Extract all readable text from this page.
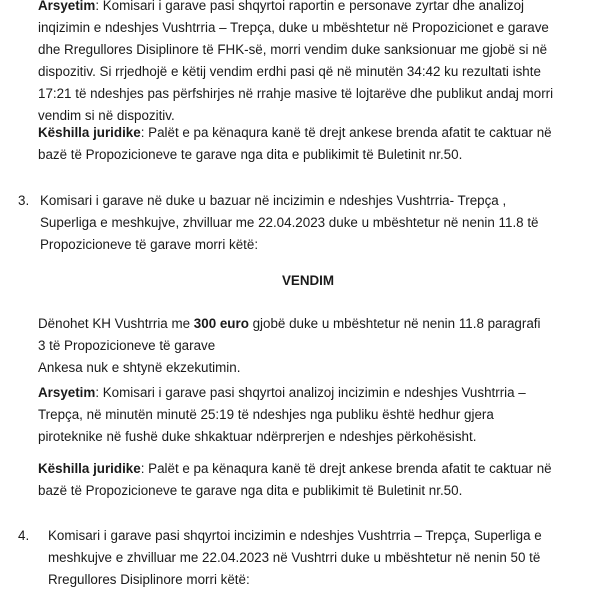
Arsyetim: Komisari i garave pasi shqyrtoi raportin e personave zyrtar dhe analizoj
inqizimin e ndeshjes Vushtrria – Trepça, duke u mbështetur në Propozicionet e garave
dhe Rregullores Disiplinore të FHK-së, morri vendim duke sanksionuar me gjobë si në
dispozitiv. Si rrjedhojë e këtij vendim erdhi pasi që në minutën 34:42 ku rezultati ishte
17:21 të ndeshjes pas përfshirjes në rrahje masive të lojtarëve dhe publikut andaj morri
vendim si në dispozitiv.

Këshilla juridike: Palët e pa kënaqura kanë të drejt ankese brenda afatit te caktuar në
bazë të Propozicioneve te garave nga dita e publikimit të Buletinit nr.50.

3. Komisari i garave në duke u bazuar në incizimin e ndeshjes Vushtrria- Trepça ,
Superliga e meshkujve, zhvilluar me 22.04.2023 duke u mbështetur në nenin 11.8 të
Propozicioneve të garave morri këtë:
VENDIM

Dënohet KH Vushtrria me 300 euro gjobë duke u mbështetur në nenin 11.8 paragrafi
3 të Propozicioneve të garave
Ankesa nuk e shtynë ekzekutimin.

Arsyetim: Komisari i garave pasi shqyrtoi analizoj incizimin e ndeshjes Vushtrria –
Trepça, në minutën minutë 25:19 të ndeshjes nga publiku është hedhur gjera
piroteknike në fushë duke shkaktuar ndërprerjen e ndeshjes përkohësisht.

Këshilla juridike: Palët e pa kënaqura kanë të drejt ankese brenda afatit te caktuar në
bazë të Propozicioneve te garave nga dita e publikimit të Buletinit nr.50.

4. Komisari i garave pasi shqyrtoi incizimin e ndeshjes Vushtrria – Trepça, Superliga e
meshkujve e zhvilluar me 22.04.2023 në Vushtrri duke u mbështetur në nenin 50 të
Rregullores Disiplinore morri këtë:
